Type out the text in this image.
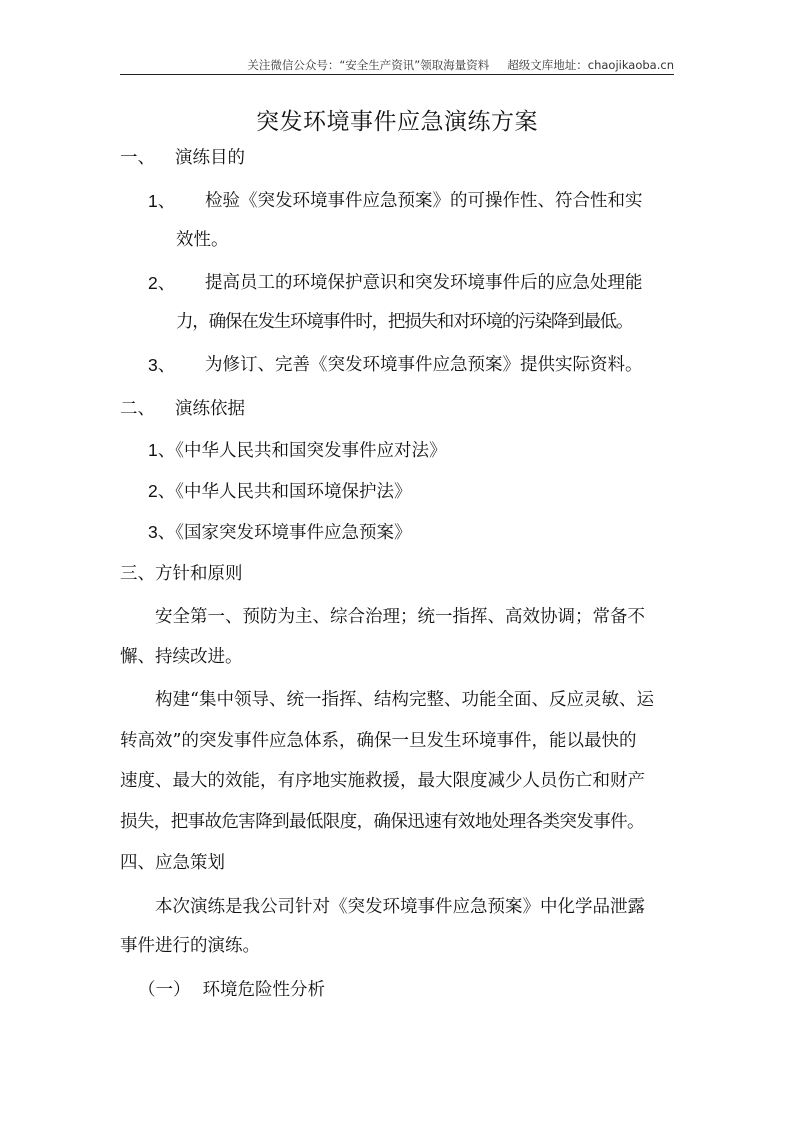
关注微信公众号：“安全生产资讯”领取海量资料 超级文库地址：chaojikaoba.cn
突发环境事件应急演练方案
一、 演练目的
1、 检验《突发环境事件应急预案》的可操作性、符合性和实
效性。
2、 提高员工的环境保护意识和突发环境事件后的应急处理能
力，确保在发生环境事件时，把损失和对环境的污染降到最低。
3、 为修订、完善《突发环境事件应急预案》提供实际资料。
二、 演练依据
1、《中华人民共和国突发事件应对法》
2、《中华人民共和国环境保护法》
3、《国家突发环境事件应急预案》
三、方针和原则
安全第一、预防为主、综合治理；统一指挥、高效协调；常备不
懈、持续改进。
构建“集中领导、统一指挥、结构完整、功能全面、反应灵敏、运
转高效”的突发事件应急体系，确保一旦发生环境事件，能以最快的
速度、最大的效能，有序地实施救援，最大限度减少人员伤亡和财产
损失，把事故危害降到最低限度，确保迅速有效地处理各类突发事件。
四、应急策划
本次演练是我公司针对《突发环境事件应急预案》中化学品泄露
事件进行的演练。
（一） 环境危险性分析
